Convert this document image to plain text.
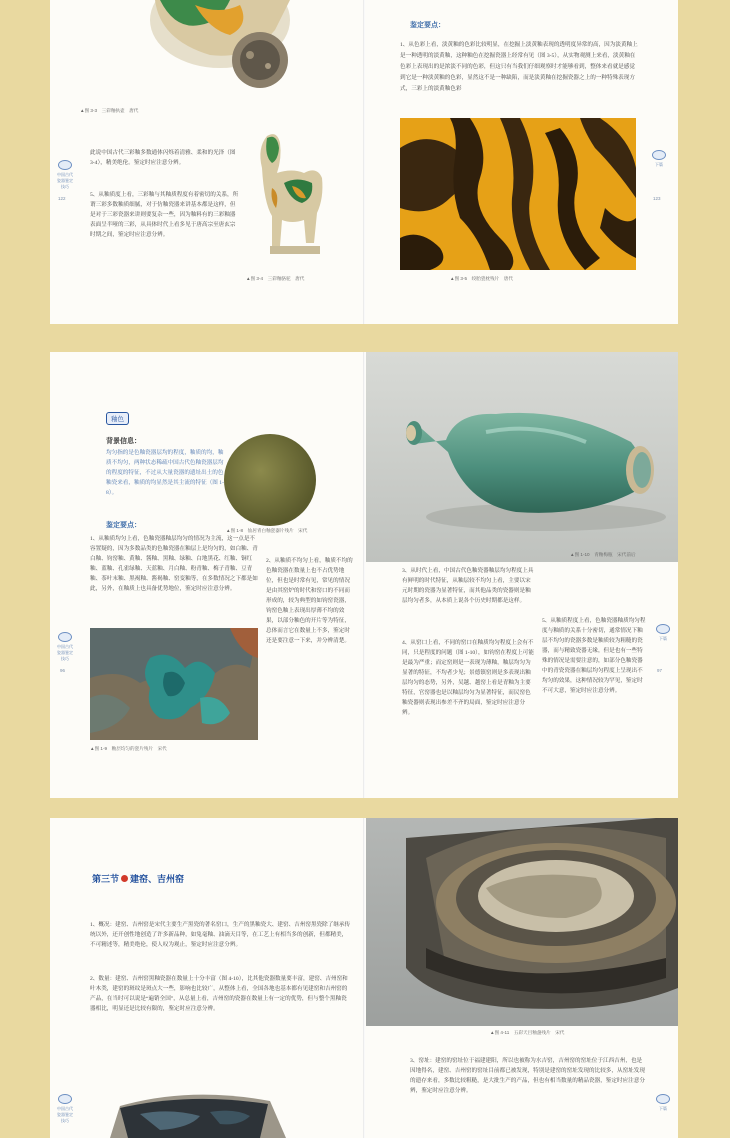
▲图 3-3　三彩釉执壶　唐代
中国古代瓷器鉴定技巧
122
此说中国古代三彩釉多数通体闪烁着清雅、柔和的光泽（图 3-4），精美绝伦。鉴定时应注意分辨。
5、从釉质度上看，三彩釉与其釉质程度有着密切的关系，所谓三彩多数釉质细腻，对于仿釉瓷器来讲基本都是这样，但是对于三彩瓷器来讲则要复杂一些，因为釉料有的三彩釉器表面呈半哑的三彩，从具体时代上看多见于唐高宗至唐玄宗时期之间，鉴定时应注意分辨。
▲图 3-4　三彩釉骆驼　唐代
鉴定要点：
1、从色彩上看，淡黄釉的色彩比较明显，在挖掘上淡黄釉表现的透明度异常的高，因为淡黄釉上是一种透明的淡黄釉，这种釉色在挖掘瓷器上经常有见（图 3-5），从实物观测上来看，淡黄釉在色彩上表现出的是浓淡不同的色彩，但这只有当我们仔细观察时才能够看到，整体来看就是感觉到它是一种淡黄釉的色彩，显然这不是一种缺陷，而是淡黄釉在挖掘瓷器之上的一种特殊表现方式，三彩上的淡黄釉色彩
▲图 3-5　绞胎瓷枕残片　唐代
下篇
123
釉色
背景信息：
均匀指的是色釉瓷器层均的程度，釉质的均，釉质不均匀，两种状态稀疏中国古代色釉瓷器层均的程度的特征，不过从大量瓷器的遗址出土的色釉瓷来看，釉质的均显然是其主流的特征（图 1-8）。
▲图 1-8　仙居青白釉瓷器片残片　宋代
鉴定要点：
1、从釉质均匀上看，色釉瓷器釉层均匀的情况为主流，这一点是不容置疑的，因为多数品类的色釉瓷器在釉层上是均匀的，如白釉、青白釉、钧窑釉、黄釉、酱釉、黑釉、绿釉、白地黑花、红釉、铜红釉、蓝釉、孔雀绿釉、天蓝釉、月白釉、粉青釉、梅子青釉、豆青釉、茶叶末釉、黑褐釉、酱褐釉、窑变釉等，在多数情况之下都是如此，另外，在釉质上也具备优势地位，鉴定时应注意分辨。
2、从釉质不均匀上看，釉质不均的色釉瓷器在数量上也不占优势地位，但也是时常有见，常见的情况是由其窑炉的时代和窑口的不同而形成的，较为典型的如钧窑瓷器，钧窑色釉上表现出厚薄不均的效果，以部分釉色的开片等为特征，总体而言它在数量上不多，鉴定时还是要注意一下来，并分辨清楚。
▲图 1-9　釉层均匀的瓷片残片　宋代
中国古代瓷器鉴定技巧
96
▲图 1-10　青釉梅瓶　宋代前后
3、从时代上看，中国古代色釉瓷器釉层均匀程度上具有鲜明的时代特征，从釉层较不均匀上看，主要以宋元时期的瓷器为显著特征，而其他品类的瓷器则是釉层均匀者多，从本质上说各个历史时期都是这样。
4、从窑口上看，不同的窑口在釉质均匀程度上会有不同，只是程度的问题（图 1-10），如钧窑在程度上可能是最为严重；而定窑则是一表现为薄釉，釉层均匀为显著的特征，不均者少见；景德镇窑则是多表现出釉层均匀的态势，另外，吴越、越窑上看是青釉为主要特征，官窑器也是以釉层均匀为显著特征，而民窑色釉瓷器则表现出参差不齐的局面，鉴定时应注意分辨。
5、从釉质程度上看，色釉瓷器釉质均匀程度与釉质的关系十分密切，通常情况下釉层不均匀的瓷器多数是釉质较为粗糙的瓷器，而与精致瓷器无缘，但是也有一些特殊的情况是需要注意的，如部分色釉瓷器中的青瓷瓷器在釉层均匀程度上呈现出不均匀的效果，这种情况较为罕见，鉴定时不可大意，鉴定时应注意分辨。
下篇
97
第三节 建窑、吉州窑
1、概况：建窑、吉州窑是宋代主要生产黑瓷的著名窑口，生产的黑釉瓷大、建窑、吉州窑黑瓷除了继承传统以外，还开创性地创造了许多新品种，如兔毫釉、油滴天目等，在工艺上有相当多的创新，但都精美，不可精述等，精美绝伦，使人叹为观止，鉴定时应注意分辨。
2、数量：建窑、吉州窑黑釉瓷器在数量上十分丰富（图 4-10），比其他瓷器数量要丰富，建窑、吉州窑和叶木类，建窑的斑纹是斑点大一些，影响也比较广，从整体上看，全国各地也基本都有见建窑和吉州窑的产品，在当时可以说是“遍销全国”，从总量上看，吉州窑的瓷器在数量上有一定的优势，但与整个黑釉瓷器相比，明显还是比较有限的，鉴定时应注意分辨。
中国古代瓷器鉴定技巧
▲图 4-11　五彩天目釉盏残片　宋代
3、窑址：建窑的窑址位于福建建阳，所以也被称为水吉窑，吉州窑的窑址位于江西吉州，也是因地得名，建窑、吉州窑的窑址目前都已被发现，特别是建窑的窑址发现的比较多，从窑址发现的遗存来看，多数比较粗糙，是大批生产的产品，但也有相当数量的精品瓷器，鉴定时应注意分辨，鉴定时应注意分辨。
下篇
